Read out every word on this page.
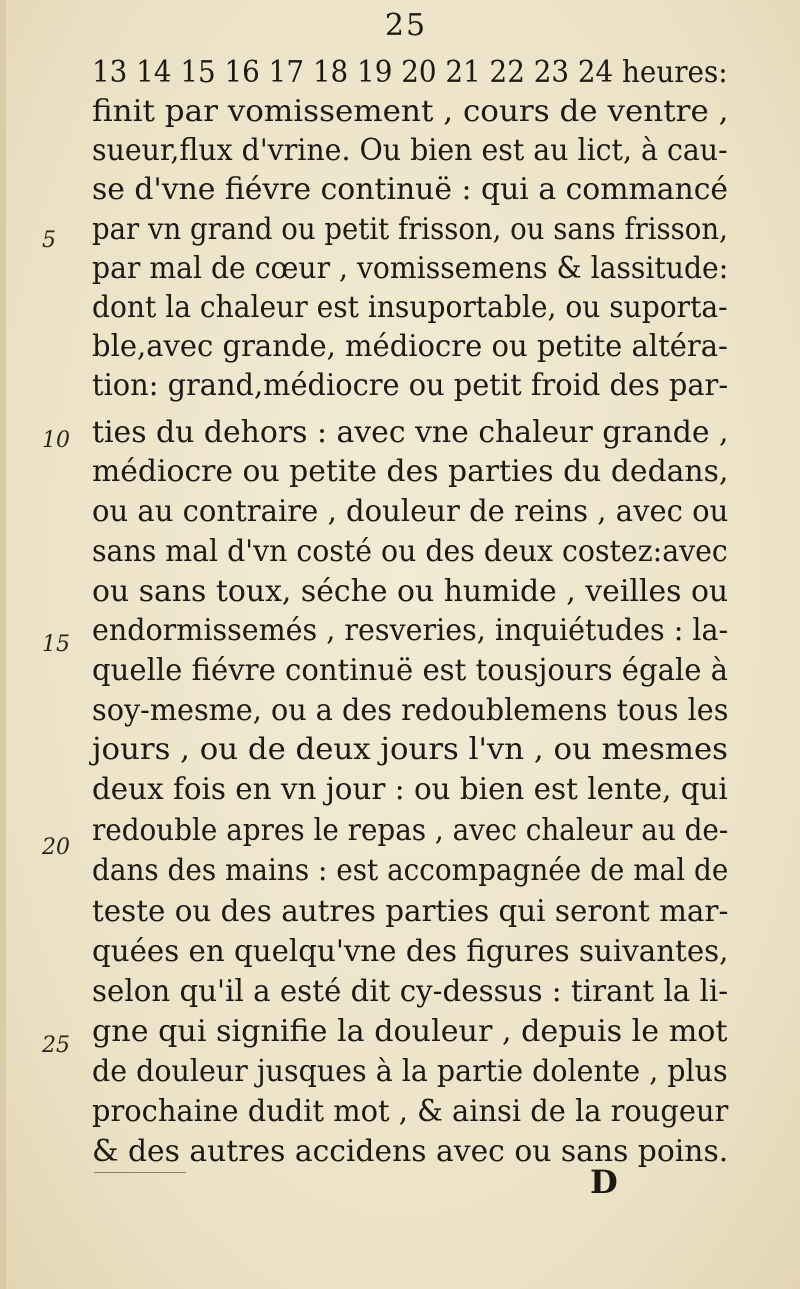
25
13 14 15 16 17 18 19 20 21 22 23 24 heures:
finit par vomissement , cours de ventre ,
sueur,flux d'vrine. Ou bien est au lict, à cau-
se d'vne fiévre continuë : qui a commancé
par vn grand ou petit frisson, ou sans frisson,
par mal de cœur , vomissemens & lassitude:
dont la chaleur est insuportable, ou suporta-
ble,avec grande, médiocre ou petite altéra-
tion: grand,médiocre ou petit froid des par-
ties du dehors : avec vne chaleur grande ,
médiocre ou petite des parties du dedans,
ou au contraire , douleur de reins , avec ou
sans mal d'vn costé ou des deux costez:avec
ou sans toux, séche ou humide , veilles ou
endormissemés , resveries, inquiétudes : la-
quelle fiévre continuë est tousjours égale à
soy-mesme, ou a des redoublemens tous les
jours , ou de deux jours l'vn , ou mesmes
deux fois en vn jour : ou bien est lente, qui
redouble apres le repas , avec chaleur au de-
dans des mains : est accompagnée de mal de
teste ou des autres parties qui seront mar-
quées en quelqu'vne des figures suivantes,
selon qu'il a esté dit cy-dessus : tirant la li-
gne qui signifie la douleur , depuis le mot
de douleur jusques à la partie dolente , plus
prochaine dudit mot , & ainsi de la rougeur
& des autres accidens avec ou sans poins.
5
10
15
20
25
D
